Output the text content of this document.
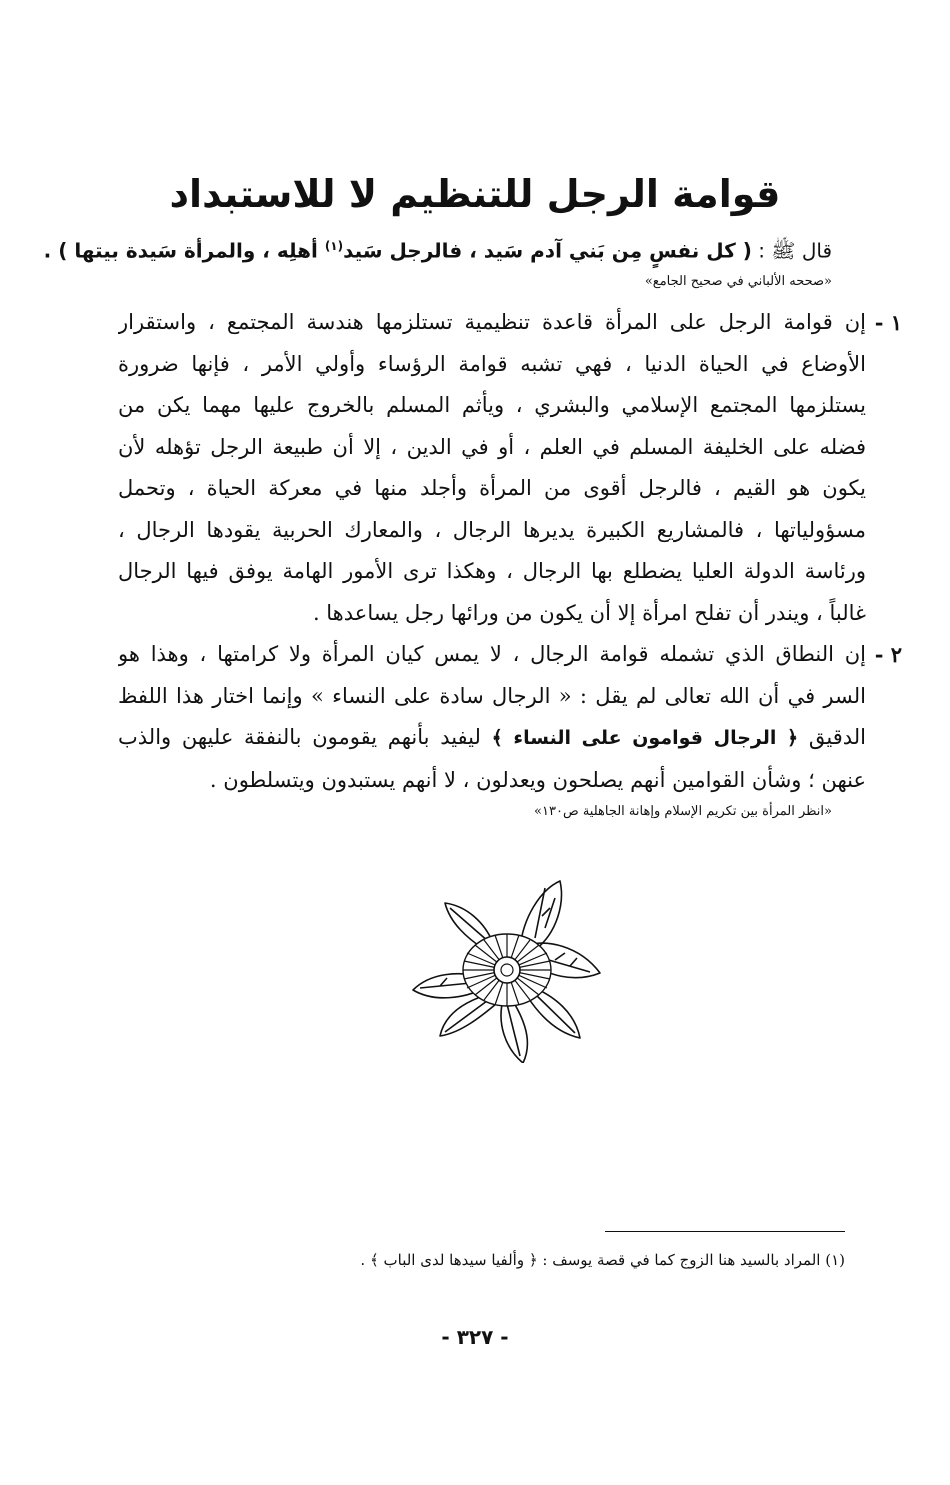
قوامة الرجل للتنظيم لا للاستبداد
قال ﷺ : ( كل نفسٍ مِن بَني آدم سَيد ، فالرجل سَيد$^{(١)}$ أهلِه ، والمرأة سَيدة بيتها ) .
«صححه الألباني في صحيح الجامع»
١ -
إن قوامة الرجل على المرأة قاعدة تنظيمية تستلزمها هندسة المجتمع ، واستقرار
الأوضاع في الحياة الدنيا ، فهي تشبه قوامة الرؤساء وأولي الأمر ، فإنها ضرورة
يستلزمها المجتمع الإسلامي والبشري ، ويأثم المسلم بالخروج عليها مهما يكن من
فضله على الخليفة المسلم في العلم ، أو في الدين ، إلا أن طبيعة الرجل تؤهله لأن
يكون هو القيم ، فالرجل أقوى من المرأة وأجلد منها في معركة الحياة ، وتحمل
مسؤولياتها ، فالمشاريع الكبيرة يديرها الرجال ، والمعارك الحربية يقودها الرجال ،
ورئاسة الدولة العليا يضطلع بها الرجال ، وهكذا ترى الأمور الهامة يوفق فيها الرجال
غالباً ، ويندر أن تفلح امرأة إلا أن يكون من ورائها رجل يساعدها .
٢ -
إن النطاق الذي تشمله قوامة الرجال ، لا يمس كيان المرأة ولا كرامتها ، وهذا هو
السر في أن الله تعالى لم يقل : « الرجال سادة على النساء » وإنما اختار هذا اللفظ
الدقيق ﴿ الرجال قوامون على النساء ﴾ ليفيد بأنهم يقومون بالنفقة عليهن والذب
عنهن ؛ وشأن القوامين أنهم يصلحون ويعدلون ، لا أنهم يستبدون ويتسلطون .
«انظر المرأة بين تكريم الإسلام وإهانة الجاهلية ص١٣٠»
(١) المراد بالسيد هنا الزوج كما في قصة يوسف : ﴿ وألفيا سيدها لدى الباب ﴾ .
- ٣٢٧ -
